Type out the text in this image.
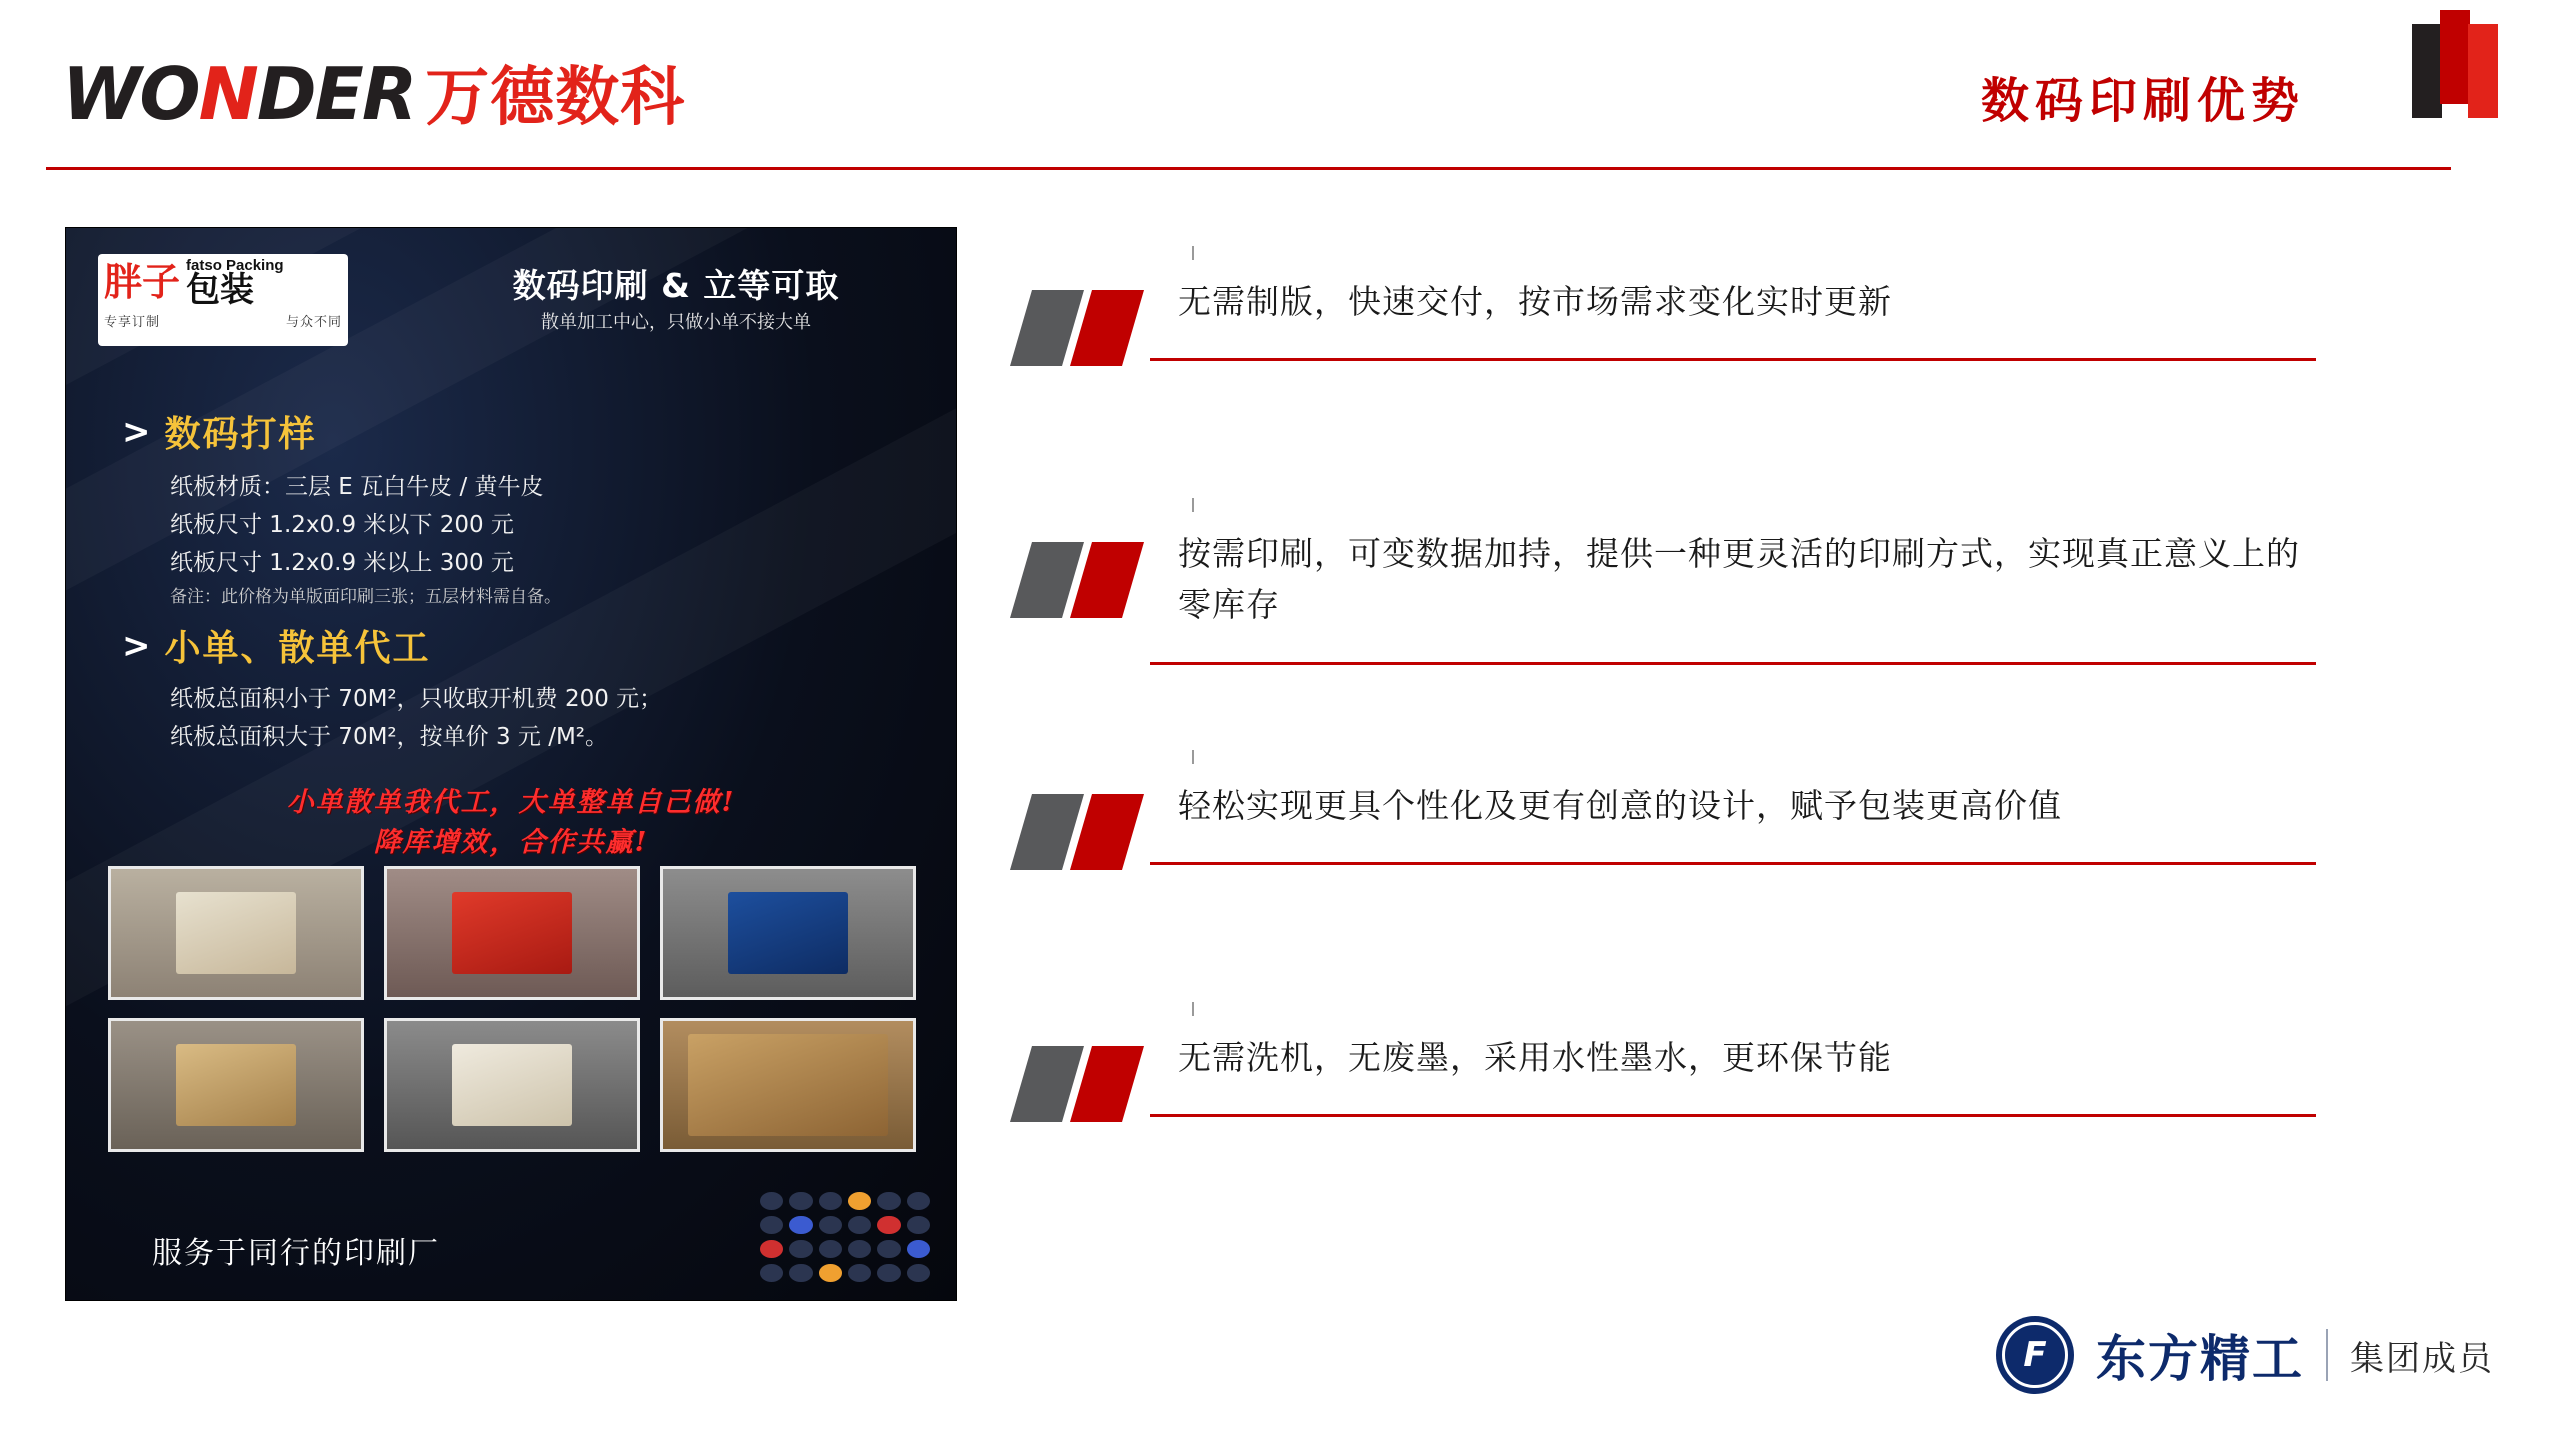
WONDER 万德数科	数码印刷优势
胖子 fatso Packing
包装
专享订制	与众不同
数码印刷 & 立等可取
散单加工中心，只做小单不接大单
> 数码打样
纸板材质：三层 E 瓦白牛皮 / 黄牛皮
纸板尺寸 1.2x0.9 米以下 200 元
纸板尺寸 1.2x0.9 米以上 300 元
备注：此价格为单版面印刷三张；五层材料需自备。
> 小单、散单代工
纸板总面积小于 70M²，只收取开机费 200 元；
纸板总面积大于 70M²，按单价 3 元 /M²。
小单散单我代工，大单整单自己做!
降库增效，合作共赢!
服务于同行的印刷厂
无需制版，快速交付，按市场需求变化实时更新
按需印刷，可变数据加持，提供一种更灵活的印刷方式，实现真正意义上的零库存
轻松实现更具个性化及更有创意的设计，赋予包装更高价值
无需洗机，无废墨，采用水性墨水，更环保节能
F 东方精工 集团成员
